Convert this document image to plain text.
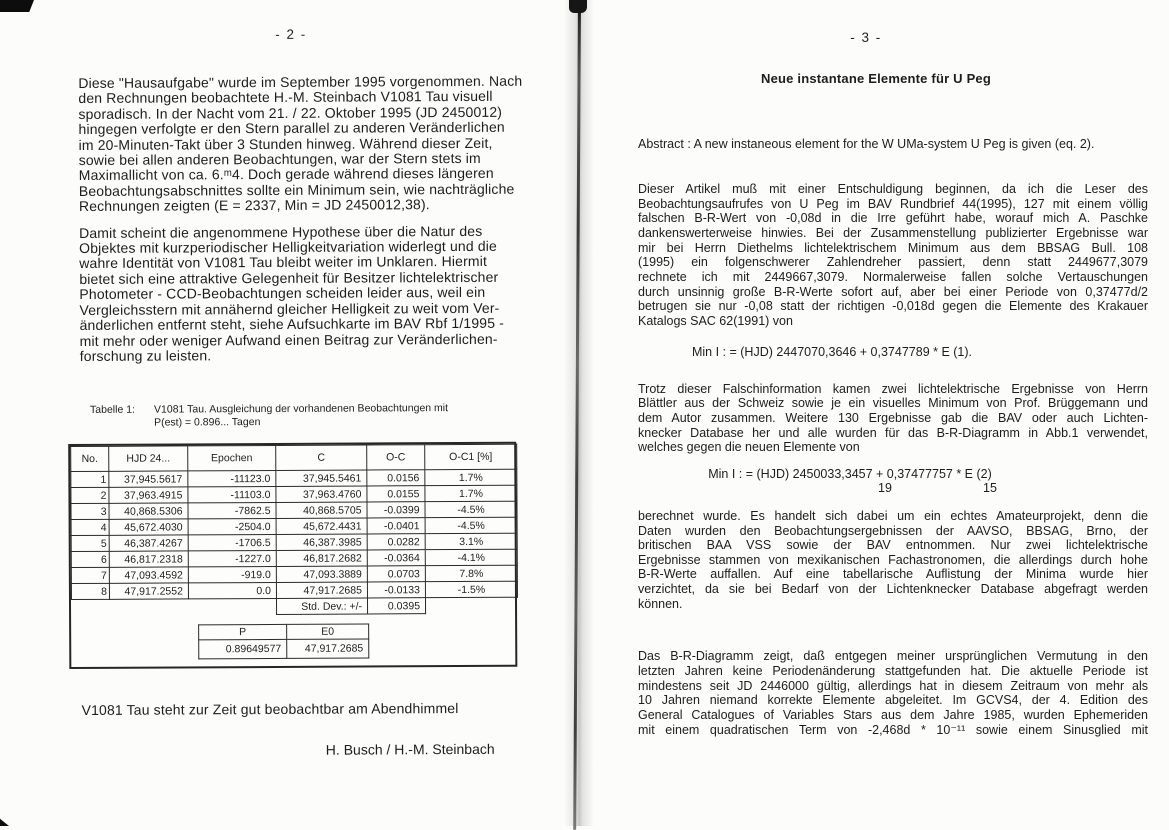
- 2 -
Diese "Hausaufgabe" wurde im September 1995 vorgenommen. Nach
den Rechnungen beobachtete H.-M. Steinbach V1081 Tau visuell
sporadisch. In der Nacht vom 21. / 22. Oktober 1995 (JD 2450012)
hingegen verfolgte er den Stern parallel zu anderen Veränderlichen
im 20-Minuten-Takt über 3 Stunden hinweg. Während dieser Zeit,
sowie bei allen anderen Beobachtungen, war der Stern stets im
Maximallicht von ca. 6.ᵐ4. Doch gerade während dieses längeren
Beobachtungsabschnittes sollte ein Minimum sein, wie nachträgliche
Rechnungen zeigten (E = 2337, Min = JD 2450012,38).
Damit scheint die angenommene Hypothese über die Natur des
Objektes mit kurzperiodischer Helligkeitvariation widerlegt und die
wahre Identität von V1081 Tau bleibt weiter im Unklaren. Hiermit
bietet sich eine attraktive Gelegenheit für Besitzer lichtelektrischer
Photometer - CCD-Beobachtungen scheiden leider aus, weil ein
Vergleichsstern mit annähernd gleicher Helligkeit zu weit vom Ver-
änderlichen entfernt steht, siehe Aufsuchkarte im BAV Rbf 1/1995 -
mit mehr oder weniger Aufwand einen Beitrag zur Veränderlichen-
forschung zu leisten.
Tabelle 1:	V1081 Tau. Ausgleichung der vorhandenen Beobachtungen mit
P(est) = 0.896... Tagen
No.	HJD 24...	Epochen	C	O-C	O-C1 [%]
1	37,945.5617	-11123.0	37,945.5461	0.0156	1.7%
2	37,963.4915	-11103.0	37,963.4760	0.0155	1.7%
3	40,868.5306	-7862.5	40,868.5705	-0.0399	-4.5%
4	45,672.4030	-2504.0	45,672.4431	-0.0401	-4.5%
5	46,387.4267	-1706.5	46,387.3985	0.0282	3.1%
6	46,817.2318	-1227.0	46,817.2682	-0.0364	-4.1%
7	47,093.4592	-919.0	47,093.3889	0.0703	7.8%
8	47,917.2552	0.0	47,917.2685	-0.0133	-1.5%
			Std. Dev.: +/-	0.0395	
P	E0
0.89649577	47,917.2685
V1081 Tau steht zur Zeit gut beobachtbar am Abendhimmel
H. Busch / H.-M. Steinbach
- 3 -
Neue instantane Elemente für U Peg
Abstract : A new instaneous element for the W UMa-system U Peg is given (eq. 2).
Dieser Artikel muß mit einer Entschuldigung beginnen, da ich die Leser des
Beobachtungsaufrufes von U Peg im BAV Rundbrief 44(1995), 127 mit einem völlig
falschen B-R-Wert von -0,08d in die Irre geführt habe, worauf mich A. Paschke
dankenswerterweise hinwies. Bei der Zusammenstellung publizierter Ergebnisse war
mir bei Herrn Diethelms lichtelektrischem Minimum aus dem BBSAG Bull. 108
(1995) ein folgenschwerer Zahlendreher passiert, denn statt 2449677,3079
rechnete ich mit 2449667,3079. Normalerweise fallen solche Vertauschungen
durch unsinnig große B-R-Werte sofort auf, aber bei einer Periode von 0,37477d/2
betrugen sie nur -0,08 statt der richtigen -0,018d gegen die Elemente des Krakauer
Katalogs SAC 62(1991) von
Min I : = (HJD) 2447070,3646 + 0,3747789 * E (1).
Trotz dieser Falschinformation kamen zwei lichtelektrische Ergebnisse von Herrn
Blättler aus der Schweiz sowie je ein visuelles Minimum von Prof. Brüggemann und
dem Autor zusammen. Weitere 130 Ergebnisse gab die BAV oder auch Lichten-
knecker Database her und alle wurden für das B-R-Diagramm in Abb.1 verwendet,
welches gegen die neuen Elemente von
Min I : = (HJD) 2450033,3457 + 0,37477757 * E (2)
19	15
berechnet wurde. Es handelt sich dabei um ein echtes Amateurprojekt, denn die
Daten wurden den Beobachtungsergebnissen der AAVSO, BBSAG, Brno, der
britischen BAA VSS sowie der BAV entnommen. Nur zwei lichtelektrische
Ergebnisse stammen von mexikanischen Fachastronomen, die allerdings durch hohe
B-R-Werte auffallen. Auf eine tabellarische Auflistung der Minima wurde hier
verzichtet, da sie bei Bedarf von der Lichtenknecker Database abgefragt werden
können.
Das B-R-Diagramm zeigt, daß entgegen meiner ursprünglichen Vermutung in den
letzten Jahren keine Periodenänderung stattgefunden hat. Die aktuelle Periode ist
mindestens seit JD 2446000 gültig, allerdings hat in diesem Zeitraum von mehr als
10 Jahren niemand korrekte Elemente abgeleitet. Im GCVS4, der 4. Edition des
General Catalogues of Variables Stars aus dem Jahre 1985, wurden Ephemeriden
mit einem quadratischen Term von -2,468d * 10⁻¹¹ sowie einem Sinusglied mit
